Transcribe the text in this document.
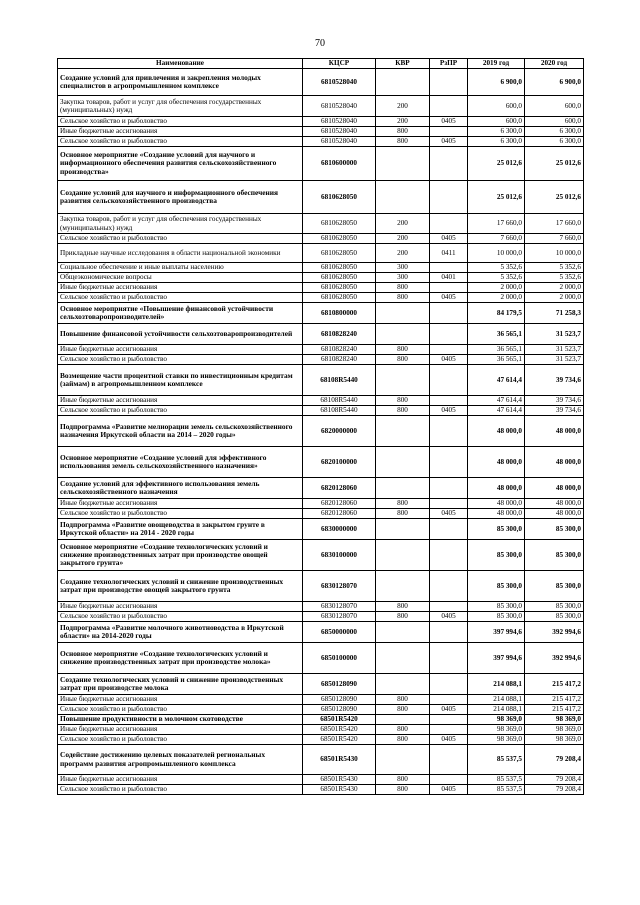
70
Наименование	КЦСР	КВР	РзПР	2019 год	2020 год
Создание условий для привлечения и закрепления молодых специалистов в агропромышленном комплексе	6810528040			6 900,0	6 900,0
Закупка товаров, работ и услуг для обеспечения государственных (муниципальных) нужд	6810528040	200		600,0	600,0
Сельское хозяйство и рыболовство	6810528040	200	0405	600,0	600,0
Иные бюджетные ассигнования	6810528040	800		6 300,0	6 300,0
Сельское хозяйство и рыболовство	6810528040	800	0405	6 300,0	6 300,0
Основное мероприятие «Создание условий для научного и информационного обеспечения развития сельскохозяйственного производства»	6810600000			25 012,6	25 012,6
Создание условий для научного и информационного обеспечения развития сельскохозяйственного производства	6810628050			25 012,6	25 012,6
Закупка товаров, работ и услуг для обеспечения государственных (муниципальных) нужд	6810628050	200		17 660,0	17 660,0
Сельское хозяйство и рыболовство	6810628050	200	0405	7 660,0	7 660,0
Прикладные научные исследования в области национальной экономики	6810628050	200	0411	10 000,0	10 000,0
Социальное обеспечение и иные выплаты населению	6810628050	300		5 352,6	5 352,6
Общеэкономические вопросы	6810628050	300	0401	5 352,6	5 352,6
Иные бюджетные ассигнования	6810628050	800		2 000,0	2 000,0
Сельское хозяйство и рыболовство	6810628050	800	0405	2 000,0	2 000,0
Основное мероприятие «Повышение финансовой устойчивости сельхозтоваропроизводителей»	6810800000			84 179,5	71 258,3
Повышение финансовой устойчивости сельхозтоваропроизводителей	6810828240			36 565,1	31 523,7
Иные бюджетные ассигнования	6810828240	800		36 565,1	31 523,7
Сельское хозяйство и рыболовство	6810828240	800	0405	36 565,1	31 523,7
Возмещение части процентной ставки по инвестиционным кредитам (займам) в агропромышленном комплексе	68108R5440			47 614,4	39 734,6
Иные бюджетные ассигнования	68108R5440	800		47 614,4	39 734,6
Сельское хозяйство и рыболовство	68108R5440	800	0405	47 614,4	39 734,6
Подпрограмма «Развитие мелиорации земель сельскохозяйственного назначения Иркутской области на 2014 – 2020 годы»	6820000000			48 000,0	48 000,0
Основное мероприятие «Создание условий для эффективного использования земель сельскохозяйственного назначения»	6820100000			48 000,0	48 000,0
Создание условий для эффективного использования земель сельскохозяйственного назначения	6820128060			48 000,0	48 000,0
Иные бюджетные ассигнования	6820128060	800		48 000,0	48 000,0
Сельское хозяйство и рыболовство	6820128060	800	0405	48 000,0	48 000,0
Подпрограмма «Развитие овощеводства в закрытом грунте в Иркутской области» на 2014 - 2020 годы	6830000000			85 300,0	85 300,0
Основное мероприятие «Создание технологических условий и снижение производственных затрат при производстве овощей закрытого грунта»	6830100000			85 300,0	85 300,0
Создание технологических условий и снижение производственных затрат при производстве овощей закрытого грунта	6830128070			85 300,0	85 300,0
Иные бюджетные ассигнования	6830128070	800		85 300,0	85 300,0
Сельское хозяйство и рыболовство	6830128070	800	0405	85 300,0	85 300,0
Подпрограмма «Развитие молочного животноводства в Иркутской области» на 2014-2020 годы	6850000000			397 994,6	392 994,6
Основное мероприятие «Создание технологических условий и снижение производственных затрат при производстве молока»	6850100000			397 994,6	392 994,6
Создание технологических условий и снижение производственных затрат при производстве молока	6850128090			214 088,1	215 417,2
Иные бюджетные ассигнования	6850128090	800		214 088,1	215 417,2
Сельское хозяйство и рыболовство	6850128090	800	0405	214 088,1	215 417,2
Повышение продуктивности в молочном скотоводстве	68501R5420			98 369,0	98 369,0
Иные бюджетные ассигнования	68501R5420	800		98 369,0	98 369,0
Сельское хозяйство и рыболовство	68501R5420	800	0405	98 369,0	98 369,0
Содействие достижению целевых показателей региональных программ развития агропромышленного комплекса	68501R5430			85 537,5	79 208,4
Иные бюджетные ассигнования	68501R5430	800		85 537,5	79 208,4
Сельское хозяйство и рыболовство	68501R5430	800	0405	85 537,5	79 208,4
